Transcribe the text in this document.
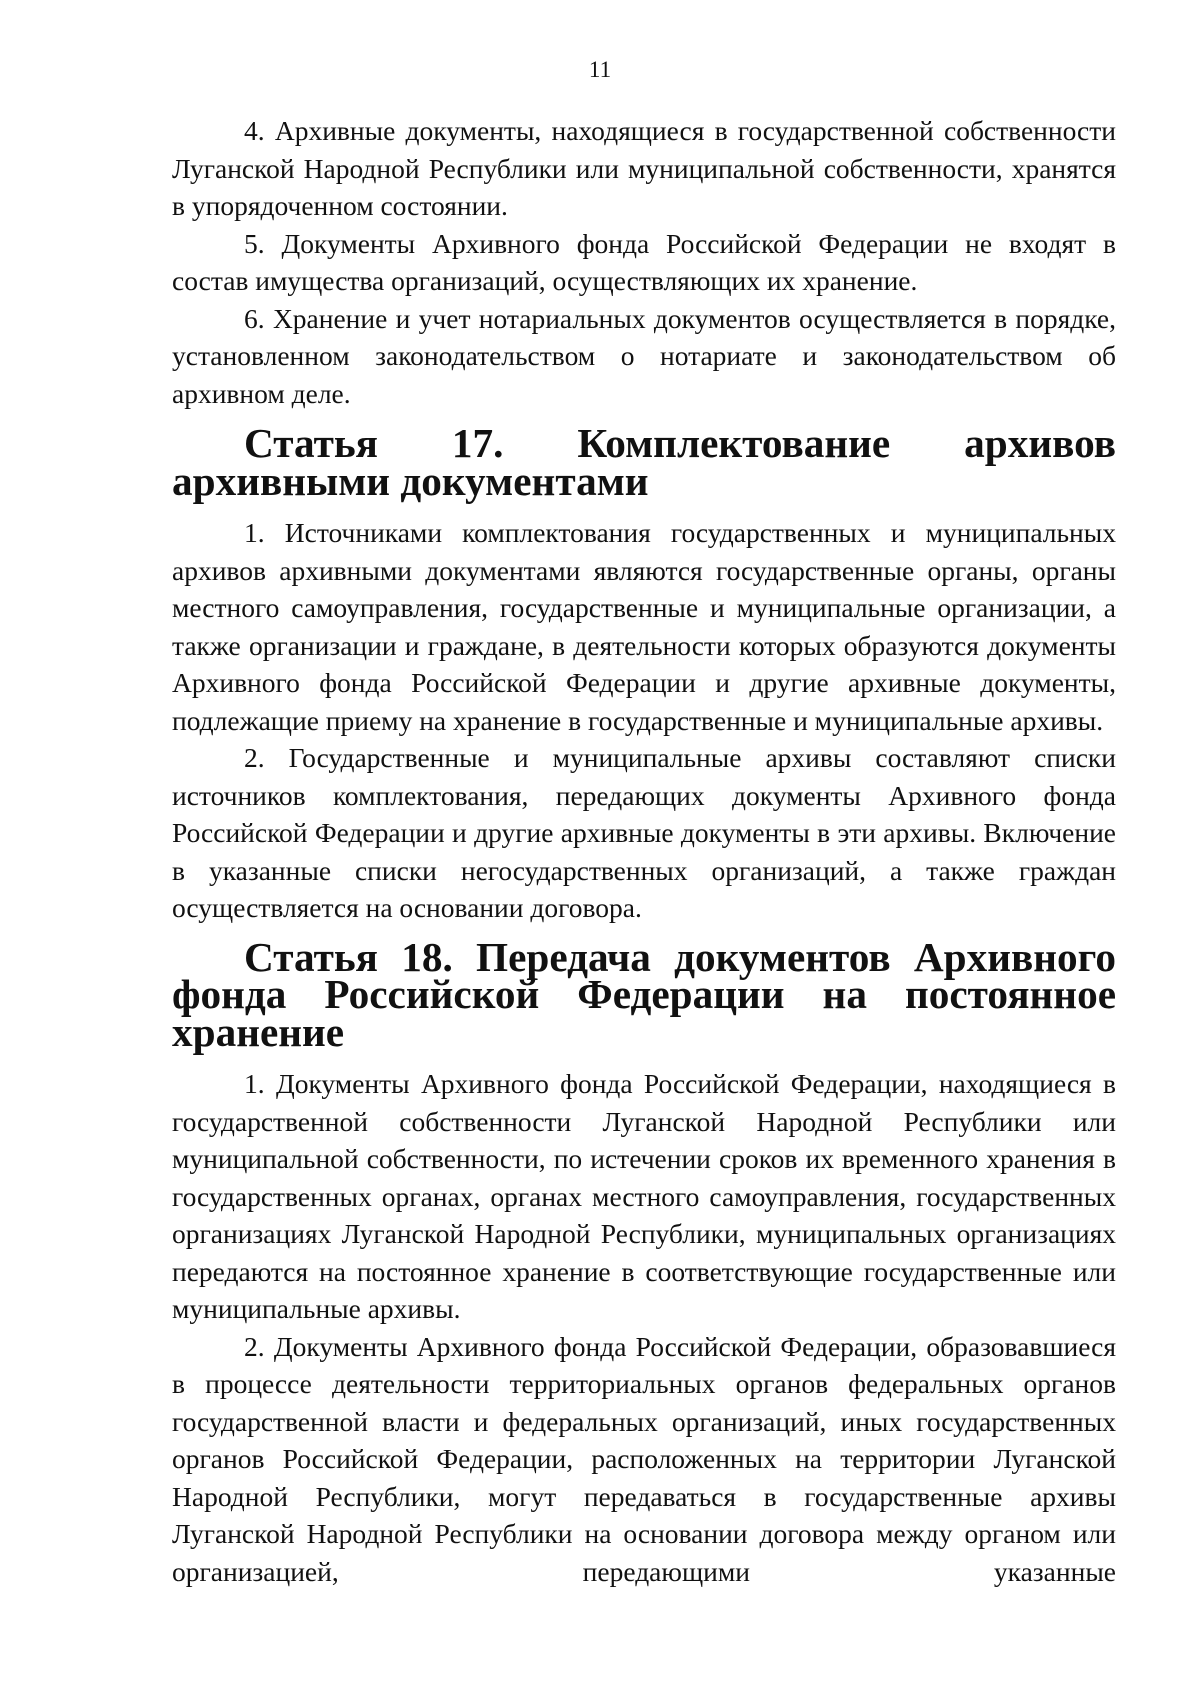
11

4. Архивные документы, находящиеся в государственной собственности Луганской Народной Республики или муниципальной собственности, хранятся в упорядоченном состоянии.

5. Документы Архивного фонда Российской Федерации не входят в состав имущества организаций, осуществляющих их хранение.

6. Хранение и учет нотариальных документов осуществляется в порядке, установленном законодательством о нотариате и законодательством об архивном деле.

Статья 17. Комплектование архивов архивными документами

1. Источниками комплектования государственных и муниципальных архивов архивными документами являются государственные органы, органы местного самоуправления, государственные и муниципальные организации, а также организации и граждане, в деятельности которых образуются документы Архивного фонда Российской Федерации и другие архивные документы, подлежащие приему на хранение в государственные и муниципальные архивы.

2. Государственные и муниципальные архивы составляют списки источников комплектования, передающих документы Архивного фонда Российской Федерации и другие архивные документы в эти архивы. Включение в указанные списки негосударственных организаций, а также граждан осуществляется на основании договора.

Статья 18. Передача документов Архивного фонда Российской Федерации на постоянное хранение

1. Документы Архивного фонда Российской Федерации, находящиеся в государственной собственности Луганской Народной Республики или муниципальной собственности, по истечении сроков их временного хранения в государственных органах, органах местного самоуправления, государственных организациях Луганской Народной Республики, муниципальных организациях передаются на постоянное хранение в соответствующие государственные или муниципальные архивы.

2. Документы Архивного фонда Российской Федерации, образовавшиеся в процессе деятельности территориальных органов федеральных органов государственной власти и федеральных организаций, иных государственных органов Российской Федерации, расположенных на территории Луганской Народной Республики, могут передаваться в государственные архивы Луганской Народной Республики на основании договора между органом или организацией, передающими указанные
